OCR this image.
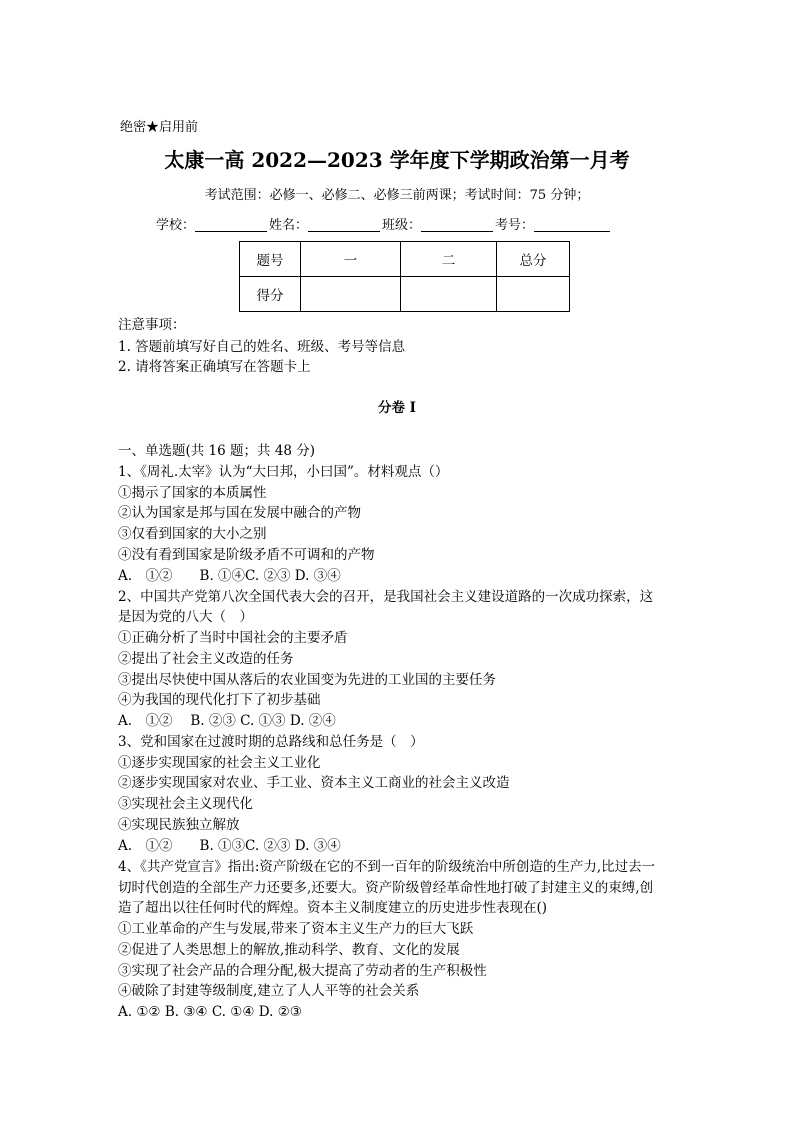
绝密★启用前
太康一高 2022—2023 学年度下学期政治第一月考
考试范围：必修一、必修二、必修三前两课；考试时间：75 分钟；
学校：	姓名：	班级：	考号：
题号	一	二	总分
得分			
注意事项：
1. 答题前填写好自己的姓名、班级、考号等信息
2. 请将答案正确填写在答题卡上
分卷 I
一、单选题(共 16 题；共 48 分)
1、《周礼.太宰》认为“大曰邦，小曰国”。材料观点（）
①揭示了国家的本质属性
②认为国家是邦与国在发展中融合的产物
③仅看到国家的大小之别
④没有看到国家是阶级矛盾不可调和的产物
A.　①②　　B. ①④C. ②③ D. ③④
2、中国共产党第八次全国代表大会的召开，是我国社会主义建设道路的一次成功探索，这
是因为党的八大（　）
①正确分析了当时中国社会的主要矛盾
②提出了社会主义改造的任务
③提出尽快使中国从落后的农业国变为先进的工业国的主要任务
④为我国的现代化打下了初步基础
A.　①②　 B. ②③ C. ①③ D. ②④
3、党和国家在过渡时期的总路线和总任务是（　）
①逐步实现国家的社会主义工业化
②逐步实现国家对农业、手工业、资本主义工商业的社会主义改造
③实现社会主义现代化
④实现民族独立解放
A.　①②　　B. ①③C. ②③ D. ③④
4、《共产党宣言》指出:资产阶级在它的不到一百年的阶级统治中所创造的生产力,比过去一
切时代创造的全部生产力还要多,还要大。资产阶级曾经革命性地打破了封建主义的束缚,创
造了超出以往任何时代的辉煌。资本主义制度建立的历史进步性表现在()
①工业革命的产生与发展,带来了资本主义生产力的巨大飞跃
②促进了人类思想上的解放,推动科学、教育、文化的发展
③实现了社会产品的合理分配,极大提高了劳动者的生产积极性
④破除了封建等级制度,建立了人人平等的社会关系
A. ①② B. ③④ C. ①④ D. ②③
